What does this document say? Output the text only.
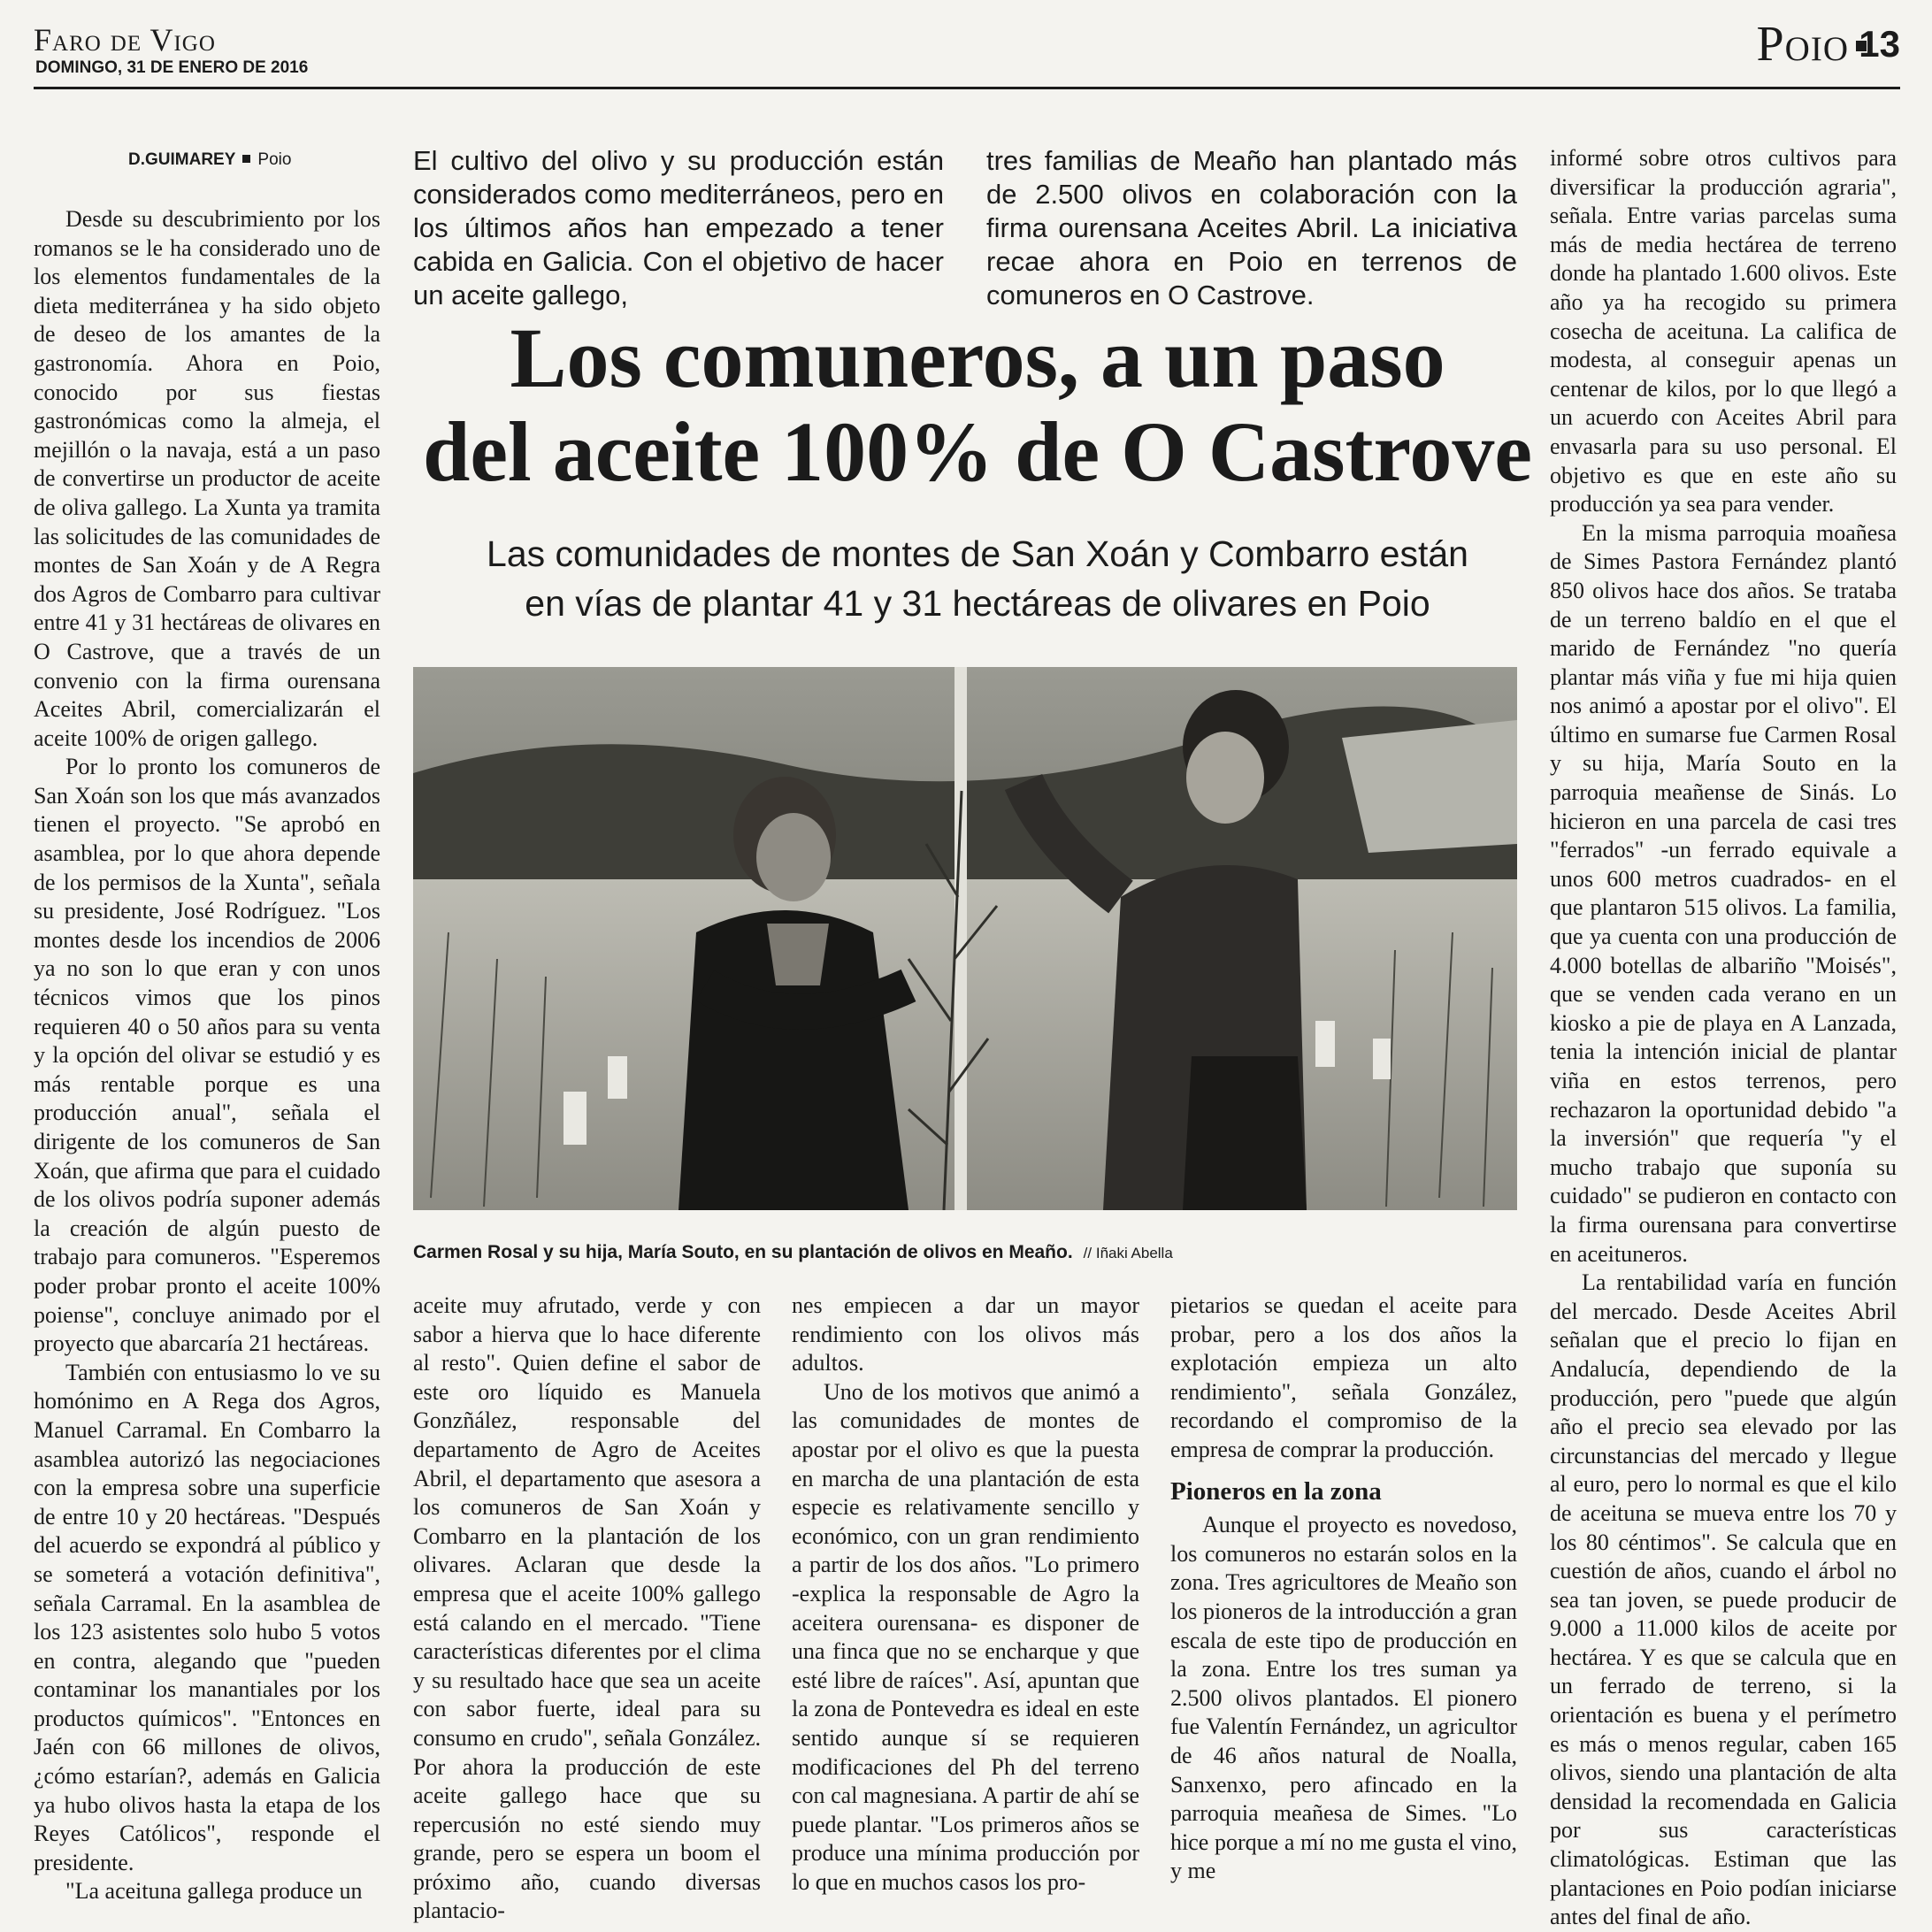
Faro de Vigo
DOMINGO, 31 DE ENERO DE 2016	Poio 13
D.GUIMAREY Poio	El cultivo del olivo y su producción están considerados como mediterráneos, pero en los últimos años han empezado a tener cabida en Galicia. Con el objetivo de hacer un aceite gallego,
tres familias de Meaño han plantado más de 2.500 olivos en colaboración con la firma ourensana Aceites Abril. La iniciativa recae ahora en Poio en terrenos de comuneros en O Castrove.
Los comuneros, a un paso
del aceite 100% de O Castrove
Las comunidades de montes de San Xoán y Combarro están
en vías de plantar 41 y 31 hectáreas de olivares en Poio
Carmen Rosal y su hija, María Souto, en su plantación de olivos en Meaño. // Iñaki Abella

Desde su descubrimiento por los romanos se le ha considerado uno de los elementos fundamentales de la dieta mediterránea y ha sido objeto de deseo de los amantes de la gastronomía. Ahora en Poio, conocido por sus fiestas gastronómicas como la almeja, el mejillón o la navaja, está a un paso de convertirse un productor de aceite de oliva gallego. La Xunta ya tramita las solicitudes de las comunidades de montes de San Xoán y de A Regra dos Agros de Combarro para cultivar entre 41 y 31 hectáreas de olivares en O Castrove, que a través de un convenio con la firma ourensana Aceites Abril, comercializarán el aceite 100% de origen gallego.

Por lo pronto los comuneros de San Xoán son los que más avanzados tienen el proyecto. "Se aprobó en asamblea, por lo que ahora depende de los permisos de la Xunta", señala su presidente, José Rodríguez. "Los montes desde los incendios de 2006 ya no son lo que eran y con unos técnicos vimos que los pinos requieren 40 o 50 años para su venta y la opción del olivar se estudió y es más rentable porque es una producción anual", señala el dirigente de los comuneros de San Xoán, que afirma que para el cuidado de los olivos podría suponer además la creación de algún puesto de trabajo para comuneros. "Esperemos poder probar pronto el aceite 100% poiense", concluye animado por el proyecto que abarcaría 21 hectáreas.

También con entusiasmo lo ve su homónimo en A Rega dos Agros, Manuel Carramal. En Combarro la asamblea autorizó las negociaciones con la empresa sobre una superficie de entre 10 y 20 hectáreas. "Después del acuerdo se expondrá al público y se someterá a votación definitiva", señala Carramal. En la asamblea de los 123 asistentes solo hubo 5 votos en contra, alegando que "pueden contaminar los manantiales por los productos químicos". "Entonces en Jaén con 66 millones de olivos, ¿cómo estarían?, además en Galicia ya hubo olivos hasta la etapa de los Reyes Católicos", responde el presidente.

"La aceituna gallega produce un

aceite muy afrutado, verde y con sabor a hierva que lo hace diferente al resto". Quien define el sabor de este oro líquido es Manuela Gonzñález, responsable del departamento de Agro de Aceites Abril, el departamento que asesora a los comuneros de San Xoán y Combarro en la plantación de los olivares. Aclaran que desde la empresa que el aceite 100% gallego está calando en el mercado. "Tiene características diferentes por el clima y su resultado hace que sea un aceite con sabor fuerte, ideal para su consumo en crudo", señala González. Por ahora la producción de este aceite gallego hace que su repercusión no esté siendo muy grande, pero se espera un boom el próximo año, cuando diversas plantacio-

nes empiecen a dar un mayor rendimiento con los olivos más adultos.

Uno de los motivos que animó a las comunidades de montes de apostar por el olivo es que la puesta en marcha de una plantación de esta especie es relativamente sencillo y económico, con un gran rendimiento a partir de los dos años. "Lo primero -explica la responsable de Agro la aceitera ourensana- es disponer de una finca que no se encharque y que esté libre de raíces". Así, apuntan que la zona de Pontevedra es ideal en este sentido aunque sí se requieren modificaciones del Ph del terreno con cal magnesiana. A partir de ahí se puede plantar. "Los primeros años se produce una mínima producción por lo que en muchos casos los pro-

pietarios se quedan el aceite para probar, pero a los dos años la explotación empieza un alto rendimiento", señala González, recordando el compromiso de la empresa de comprar la producción.

Pioneros en la zona

Aunque el proyecto es novedoso, los comuneros no estarán solos en la zona. Tres agricultores de Meaño son los pioneros de la introducción a gran escala de este tipo de producción en la zona. Entre los tres suman ya 2.500 olivos plantados. El pionero fue Valentín Fernández, un agricultor de 46 años natural de Noalla, Sanxenxo, pero afincado en la parroquia meañesa de Simes. "Lo hice porque a mí no me gusta el vino, y me

informé sobre otros cultivos para diversificar la producción agraria", señala. Entre varias parcelas suma más de media hectárea de terreno donde ha plantado 1.600 olivos. Este año ya ha recogido su primera cosecha de aceituna. La califica de modesta, al conseguir apenas un centenar de kilos, por lo que llegó a un acuerdo con Aceites Abril para envasarla para su uso personal. El objetivo es que en este año su producción ya sea para vender.

En la misma parroquia moañesa de Simes Pastora Fernández plantó 850 olivos hace dos años. Se trataba de un terreno baldío en el que el marido de Fernández "no quería plantar más viña y fue mi hija quien nos animó a apostar por el olivo". El último en sumarse fue Carmen Rosal y su hija, María Souto en la parroquia meañense de Sinás. Lo hicieron en una parcela de casi tres "ferrados" -un ferrado equivale a unos 600 metros cuadrados- en el que plantaron 515 olivos. La familia, que ya cuenta con una producción de 4.000 botellas de albariño "Moisés", que se venden cada verano en un kiosko a pie de playa en A Lanzada, tenia la intención inicial de plantar viña en estos terrenos, pero rechazaron la oportunidad debido "a la inversión" que requería "y el mucho trabajo que suponía su cuidado" se pudieron en contacto con la firma ourensana para convertirse en aceituneros.

La rentabilidad varía en función del mercado. Desde Aceites Abril señalan que el precio lo fijan en Andalucía, dependiendo de la producción, pero "puede que algún año el precio sea elevado por las circunstancias del mercado y llegue al euro, pero lo normal es que el kilo de aceituna se mueva entre los 70 y los 80 céntimos". Se calcula que en cuestión de años, cuando el árbol no sea tan joven, se puede producir de 9.000 a 11.000 kilos de aceite por hectárea. Y es que se calcula que en un ferrado de terreno, si la orientación es buena y el perímetro es más o menos regular, caben 165 olivos, siendo una plantación de alta densidad la recomendada en Galicia por sus características climatológicas. Estiman que las plantaciones en Poio podían iniciarse antes del final de año.
